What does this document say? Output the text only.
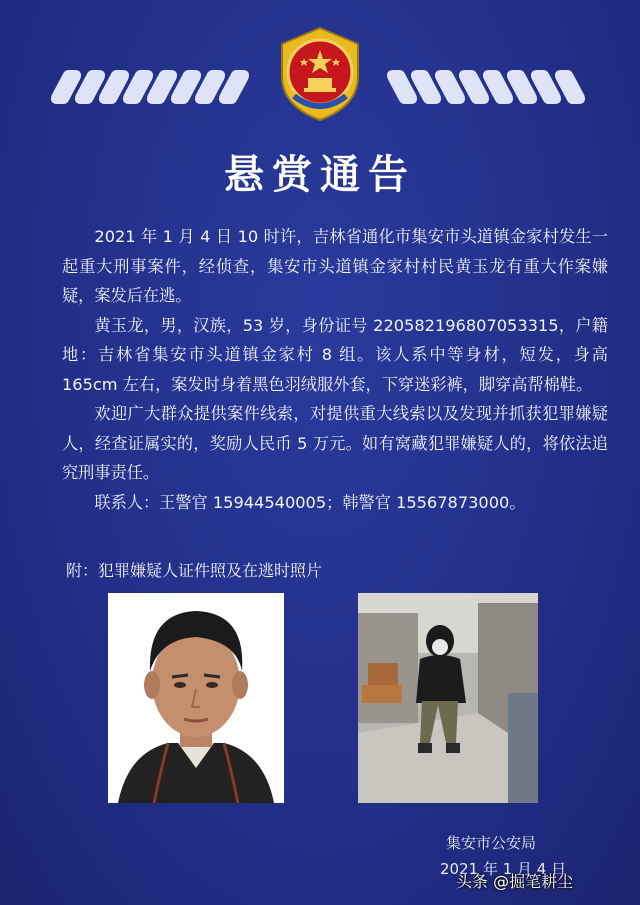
悬赏通告

2021 年 1 月 4 日 10 时许，吉林省通化市集安市头道镇金家村发生一起重大刑事案件，经侦查，集安市头道镇金家村村民黄玉龙有重大作案嫌疑，案发后在逃。

黄玉龙，男，汉族，53 岁，身份证号 220582196807053315，户籍地：吉林省集安市头道镇金家村 8 组。该人系中等身材，短发，身高 165cm 左右，案发时身着黑色羽绒服外套，下穿迷彩裤，脚穿高帮棉鞋。

欢迎广大群众提供案件线索，对提供重大线索以及发现并抓获犯罪嫌疑人，经查证属实的，奖励人民币 5 万元。如有窝藏犯罪嫌疑人的，将依法追究刑事责任。

联系人：王警官 15944540005；韩警官 15567873000。

附：犯罪嫌疑人证件照及在逃时照片
集安市公安局
2021 年 1 月 4 日
头条 @掘笔耕尘
